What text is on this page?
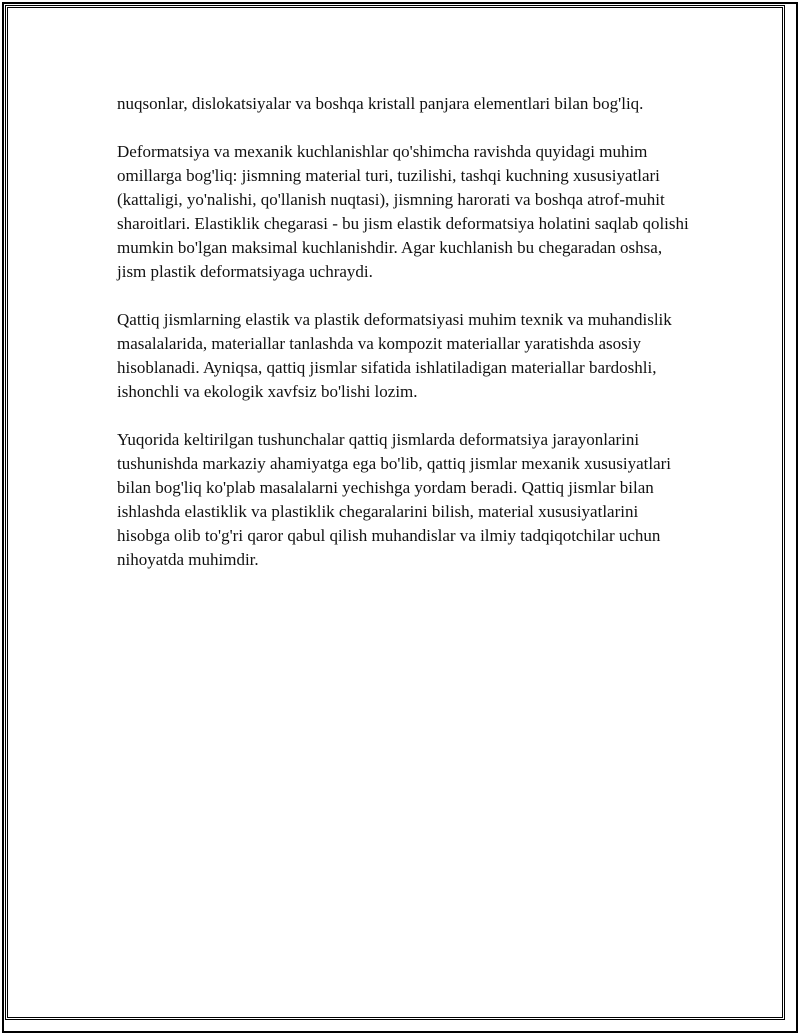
nuqsonlar, dislokatsiyalar va boshqa kristall panjara elementlari bilan bog'liq.

Deformatsiya va mexanik kuchlanishlar qo'shimcha ravishda quyidagi muhim omillarga bog'liq: jismning material turi, tuzilishi, tashqi kuchning xususiyatlari (kattaligi, yo'nalishi, qo'llanish nuqtasi), jismning harorati va boshqa atrof-muhit sharoitlari. Elastiklik chegarasi - bu jism elastik deformatsiya holatini saqlab qolishi mumkin bo'lgan maksimal kuchlanishdir. Agar kuchlanish bu chegaradan oshsa, jism plastik deformatsiyaga uchraydi.

Qattiq jismlarning elastik va plastik deformatsiyasi muhim texnik va muhandislik masalalarida, materiallar tanlashda va kompozit materiallar yaratishda asosiy hisoblanadi. Ayniqsa, qattiq jismlar sifatida ishlatiladigan materiallar bardoshli, ishonchli va ekologik xavfsiz bo'lishi lozim.

Yuqorida keltirilgan tushunchalar qattiq jismlarda deformatsiya jarayonlarini tushunishda markaziy ahamiyatga ega bo'lib, qattiq jismlar mexanik xususiyatlari bilan bog'liq ko'plab masalalarni yechishga yordam beradi. Qattiq jismlar bilan ishlashda elastiklik va plastiklik chegaralarini bilish, material xususiyatlarini hisobga olib to'g'ri qaror qabul qilish muhandislar va ilmiy tadqiqotchilar uchun nihoyatda muhimdir.
